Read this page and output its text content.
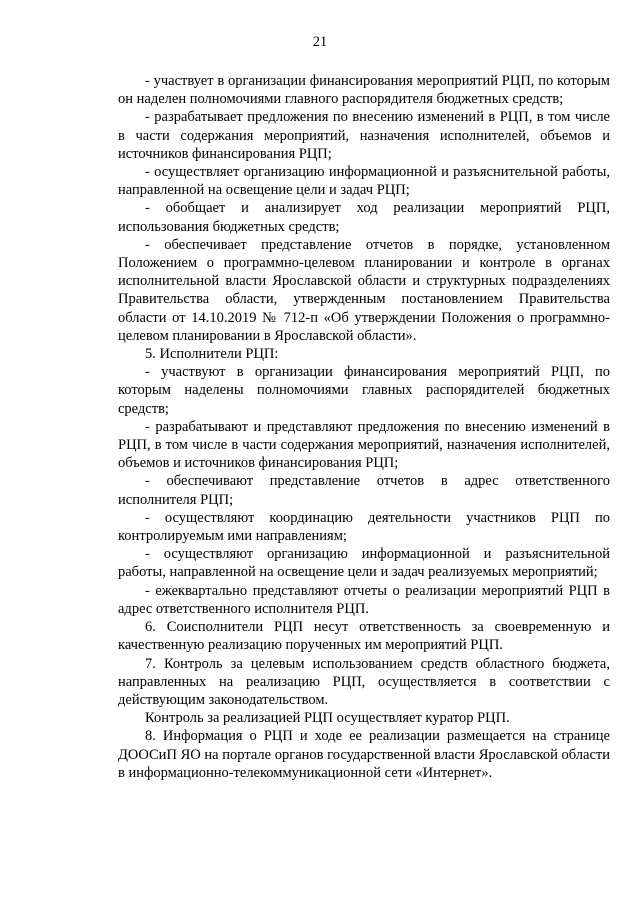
21

- участвует в организации финансирования мероприятий РЦП, по которым он наделен полномочиями главного распорядителя бюджетных средств;

- разрабатывает предложения по внесению изменений в РЦП, в том числе в части содержания мероприятий, назначения исполнителей, объемов и источников финансирования РЦП;

- осуществляет организацию информационной и разъяснительной работы, направленной на освещение цели и задач РЦП;

- обобщает и анализирует ход реализации мероприятий РЦП, использования бюджетных средств;

- обеспечивает представление отчетов в порядке, установленном Положением о программно-целевом планировании и контроле в органах исполнительной власти Ярославской области и структурных подразделениях Правительства области, утвержденным постановлением Правительства области от 14.10.2019 № 712-п «Об утверждении Положения о программно-целевом планировании в Ярославской области».

5. Исполнители РЦП:

- участвуют в организации финансирования мероприятий РЦП, по которым наделены полномочиями главных распорядителей бюджетных средств;

- разрабатывают и представляют предложения по внесению изменений в РЦП, в том числе в части содержания мероприятий, назначения исполнителей, объемов и источников финансирования РЦП;

- обеспечивают представление отчетов в адрес ответственного исполнителя РЦП;

- осуществляют координацию деятельности участников РЦП по контролируемым ими направлениям;

- осуществляют организацию информационной и разъяснительной работы, направленной на освещение цели и задач реализуемых мероприятий;

- ежеквартально представляют отчеты о реализации мероприятий РЦП в адрес ответственного исполнителя РЦП.

6. Соисполнители РЦП несут ответственность за своевременную и качественную реализацию порученных им мероприятий РЦП.

7. Контроль за целевым использованием средств областного бюджета, направленных на реализацию РЦП, осуществляется в соответствии с действующим законодательством.

Контроль за реализацией РЦП осуществляет куратор РЦП.

8. Информация о РЦП и ходе ее реализации размещается на странице ДООСиП ЯО на портале органов государственной власти Ярославской области в информационно-телекоммуникационной сети «Интернет».
